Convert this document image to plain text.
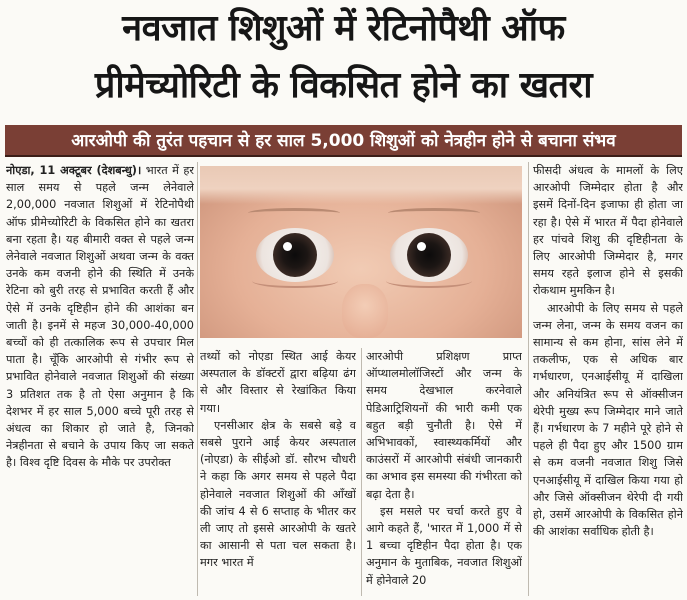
नवजात शिशुओं में रेटिनोपैथी ऑफ
प्रीमेच्योरिटी के विकसित होने का खतरा
आरओपी की तुरंत पहचान से हर साल 5,000 शिशुओं को नेत्रहीन होने से बचाना संभव

नोएडा, 11 अक्टूबर (देशबन्धु)। भारत में हर साल समय से पहले जन्म लेनेवाले 2,00,000 नवजात शिशुओं में रेटिनोपैथी ऑफ प्रीमेच्योरिटी के विकसित होने का खतरा बना रहता है। यह बीमारी वक्त से पहले जन्म लेनेवाले नवजात शिशुओं अथवा जन्म के वक्त उनके कम वजनी होने की स्थिति में उनके रेटिना को बुरी तरह से प्रभावित करती हैं और ऐसे में उनके दृष्टिहीन होने की आशंका बन जाती है। इनमें से महज 30,000-40,000 बच्चों को ही तत्कालिक रूप से उपचार मिल पाता है। चूँकि आरओपी से गंभीर रूप से प्रभावित होनेवाले नवजात शिशुओं की संख्या 3 प्रतिशत तक है तो ऐसा अनुमान है कि देशभर में हर साल 5,000 बच्चे पूरी तरह से अंधत्व का शिकार हो जाते है, जिनको नेत्रहीनता से बचाने के उपाय किए जा सकते है। विश्व दृष्टि दिवस के मौके पर उपरोक्त

तथ्यों को नोएडा स्थित आई केयर अस्पताल के डॉक्टरों द्वारा बढ़िया ढंग से और विस्तार से रेखांकित किया गया।

एनसीआर क्षेत्र के सबसे बड़े व सबसे पुराने आई केयर अस्पताल (नोएडा) के सीईओ डॉ. सौरभ चौधरी ने कहा कि अगर समय से पहले पैदा होनेवाले नवजात शिशुओं की आँखों की जांच 4 से 6 सप्ताह के भीतर कर ली जाए तो इससे आरओपी के खतरे का आसानी से पता चल सकता है। मगर भारत में

आरओपी प्रशिक्षण प्राप्त ऑप्थालमोलॉजिस्टों और जन्म के समय देखभाल करनेवाले पेडिआट्रिशियनों की भारी कमी एक बहुत बड़ी चुनौती है। ऐसे में अभिभावकों, स्वास्थ्यकर्मियों और काउंसरों में आरओपी संबंधी जानकारी का अभाव इस समस्या की गंभीरता को बढ़ा देता है।

इस मसले पर चर्चा करते हुए वे आगे कहते हैं, 'भारत में 1,000 में से 1 बच्चा दृष्टिहीन पैदा होता है। एक अनुमान के मुताबिक, नवजात शिशुओं में होनेवाले 20

फीसदी अंधत्व के मामलों के लिए आरओपी जिम्मेदार होता है और इसमें दिनों-दिन इजाफा ही होता जा रहा है। ऐसे में भारत में पैदा होनेवाले हर पांचवे शिशु की दृष्टिहीनता के लिए आरओपी जिम्मेदार है, मगर समय रहते इलाज होने से इसकी रोकथाम मुमकिन है।

आरओपी के लिए समय से पहले जन्म लेना, जन्म के समय वजन का सामान्य से कम होना, सांस लेने में तकलीफ, एक से अधिक बार गर्भधारण, एनआईसीयू में दाखिला और अनियंत्रित रूप से ऑक्सीजन थेरेपी मुख्य रूप जिम्मेदार माने जाते हैं। गर्भधारण के 7 महीने पूरे होने से पहले ही पैदा हुए और 1500 ग्राम से कम वजनी नवजात शिशु जिसे एनआईसीयू में दाखिल किया गया हो और जिसे ऑक्सीजन थेरेपी दी गयी हो, उसमें आरओपी के विकसित होने की आशंका सर्वाधिक होती है।
